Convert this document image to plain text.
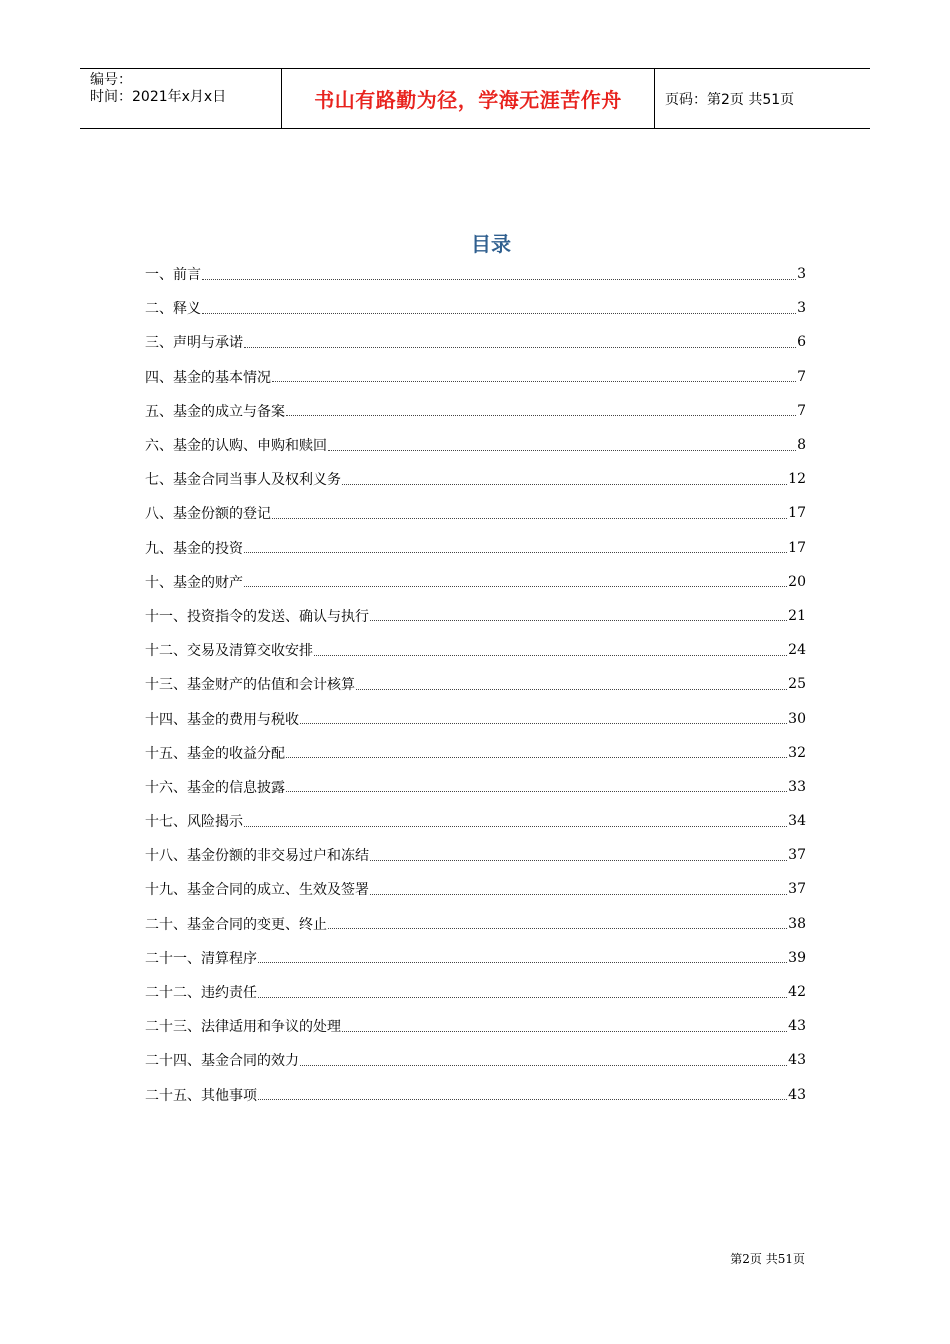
编号：
时间：2021年x月x日	书山有路勤为径，学海无涯苦作舟	页码：第2页 共51页
目录
一、前言	3
二、释义	3
三、声明与承诺	6
四、基金的基本情况	7
五、基金的成立与备案	7
六、基金的认购、申购和赎回	8
七、基金合同当事人及权利义务	12
八、基金份额的登记	17
九、基金的投资	17
十、基金的财产	20
十一、投资指令的发送、确认与执行	21
十二、交易及清算交收安排	24
十三、基金财产的估值和会计核算	25
十四、基金的费用与税收	30
十五、基金的收益分配	32
十六、基金的信息披露	33
十七、风险揭示	34
十八、基金份额的非交易过户和冻结	37
十九、基金合同的成立、生效及签署	37
二十、基金合同的变更、终止	38
二十一、清算程序	39
二十二、违约责任	42
二十三、法律适用和争议的处理	43
二十四、基金合同的效力	43
二十五、其他事项	43
第2页 共51页
